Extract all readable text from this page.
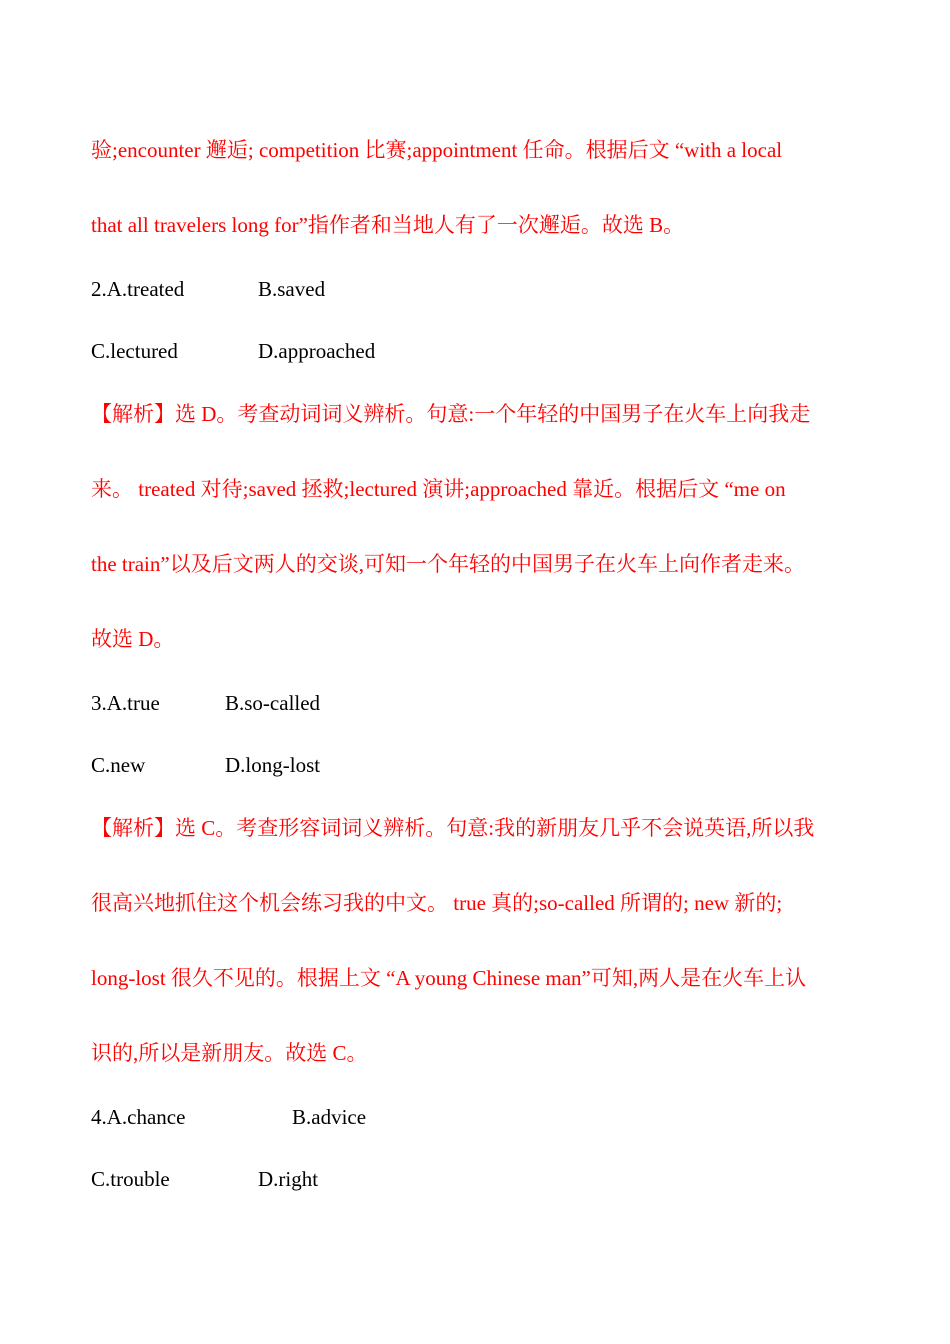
验;encounter 邂逅; competition 比赛;appointment 任命。根据后文 “with a local
that all travelers long for”指作者和当地人有了一次邂逅。故选 B。
2.A.treated	B.saved
C.lectured	D.approached
【解析】选 D。考查动词词义辨析。句意:一个年轻的中国男子在火车上向我走
来。 treated 对待;saved 拯救;lectured 演讲;approached 靠近。根据后文 “me on
the train”以及后文两人的交谈,可知一个年轻的中国男子在火车上向作者走来。
故选 D。
3.A.true	B.so-called
C.new	D.long-lost
【解析】选 C。考查形容词词义辨析。句意:我的新朋友几乎不会说英语,所以我
很高兴地抓住这个机会练习我的中文。 true 真的;so-called 所谓的; new 新的;
long-lost 很久不见的。根据上文 “A young Chinese man”可知,两人是在火车上认
识的,所以是新朋友。故选 C。
4.A.chance	B.advice
C.trouble	D.right
